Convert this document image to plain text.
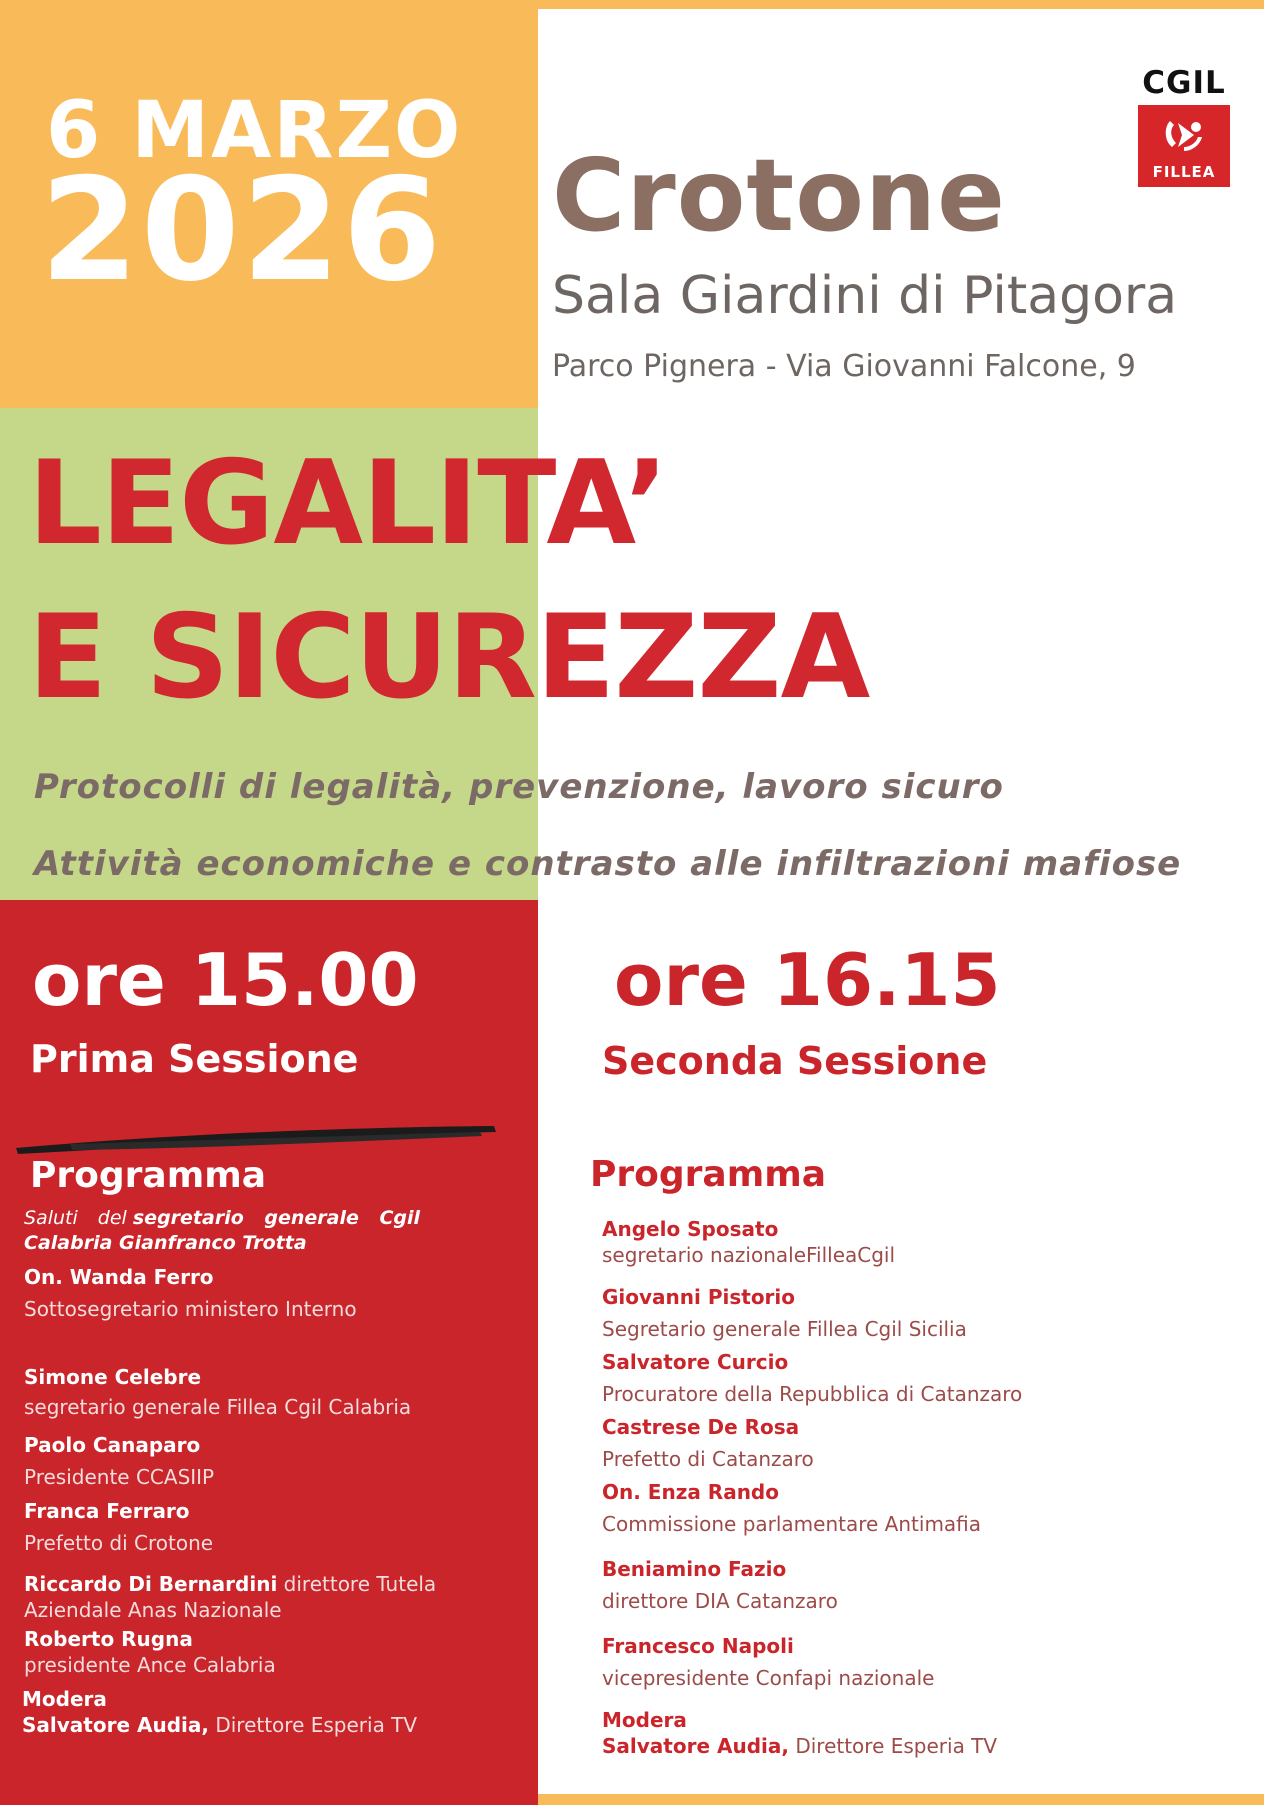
6 MARZO
2026
CGIL
FILLEA
Crotone
Sala Giardini di Pitagora
Parco Pignera - Via Giovanni Falcone, 9
LEGALITA’
E SICUREZZA
Protocolli di legalità, prevenzione, lavoro sicuro
Attività economiche e contrasto alle infiltrazioni mafiose
ore 15.00
Prima Sessione
ore 16.15
Seconda Sessione
Programma	Programma
Saluti del segretario generale Cgil
Calabria Gianfranco Trotta
On. Wanda Ferro
Sottosegretario ministero Interno
Simone Celebre
segretario generale Fillea Cgil Calabria
Paolo Canaparo
Presidente CCASIIP
Franca Ferraro
Prefetto di Crotone
Riccardo Di Bernardini direttore Tutela
Aziendale Anas Nazionale
Roberto Rugna
presidente Ance Calabria
Modera
Salvatore Audia, Direttore Esperia TV
Angelo Sposato
segretario nazionaleFilleaCgil
Giovanni Pistorio
Segretario generale Fillea Cgil Sicilia
Salvatore Curcio
Procuratore della Repubblica di Catanzaro
Castrese De Rosa
Prefetto di Catanzaro
On. Enza Rando
Commissione parlamentare Antimafia
Beniamino Fazio
direttore DIA Catanzaro
Francesco Napoli
vicepresidente Confapi nazionale
Modera
Salvatore Audia, Direttore Esperia TV
